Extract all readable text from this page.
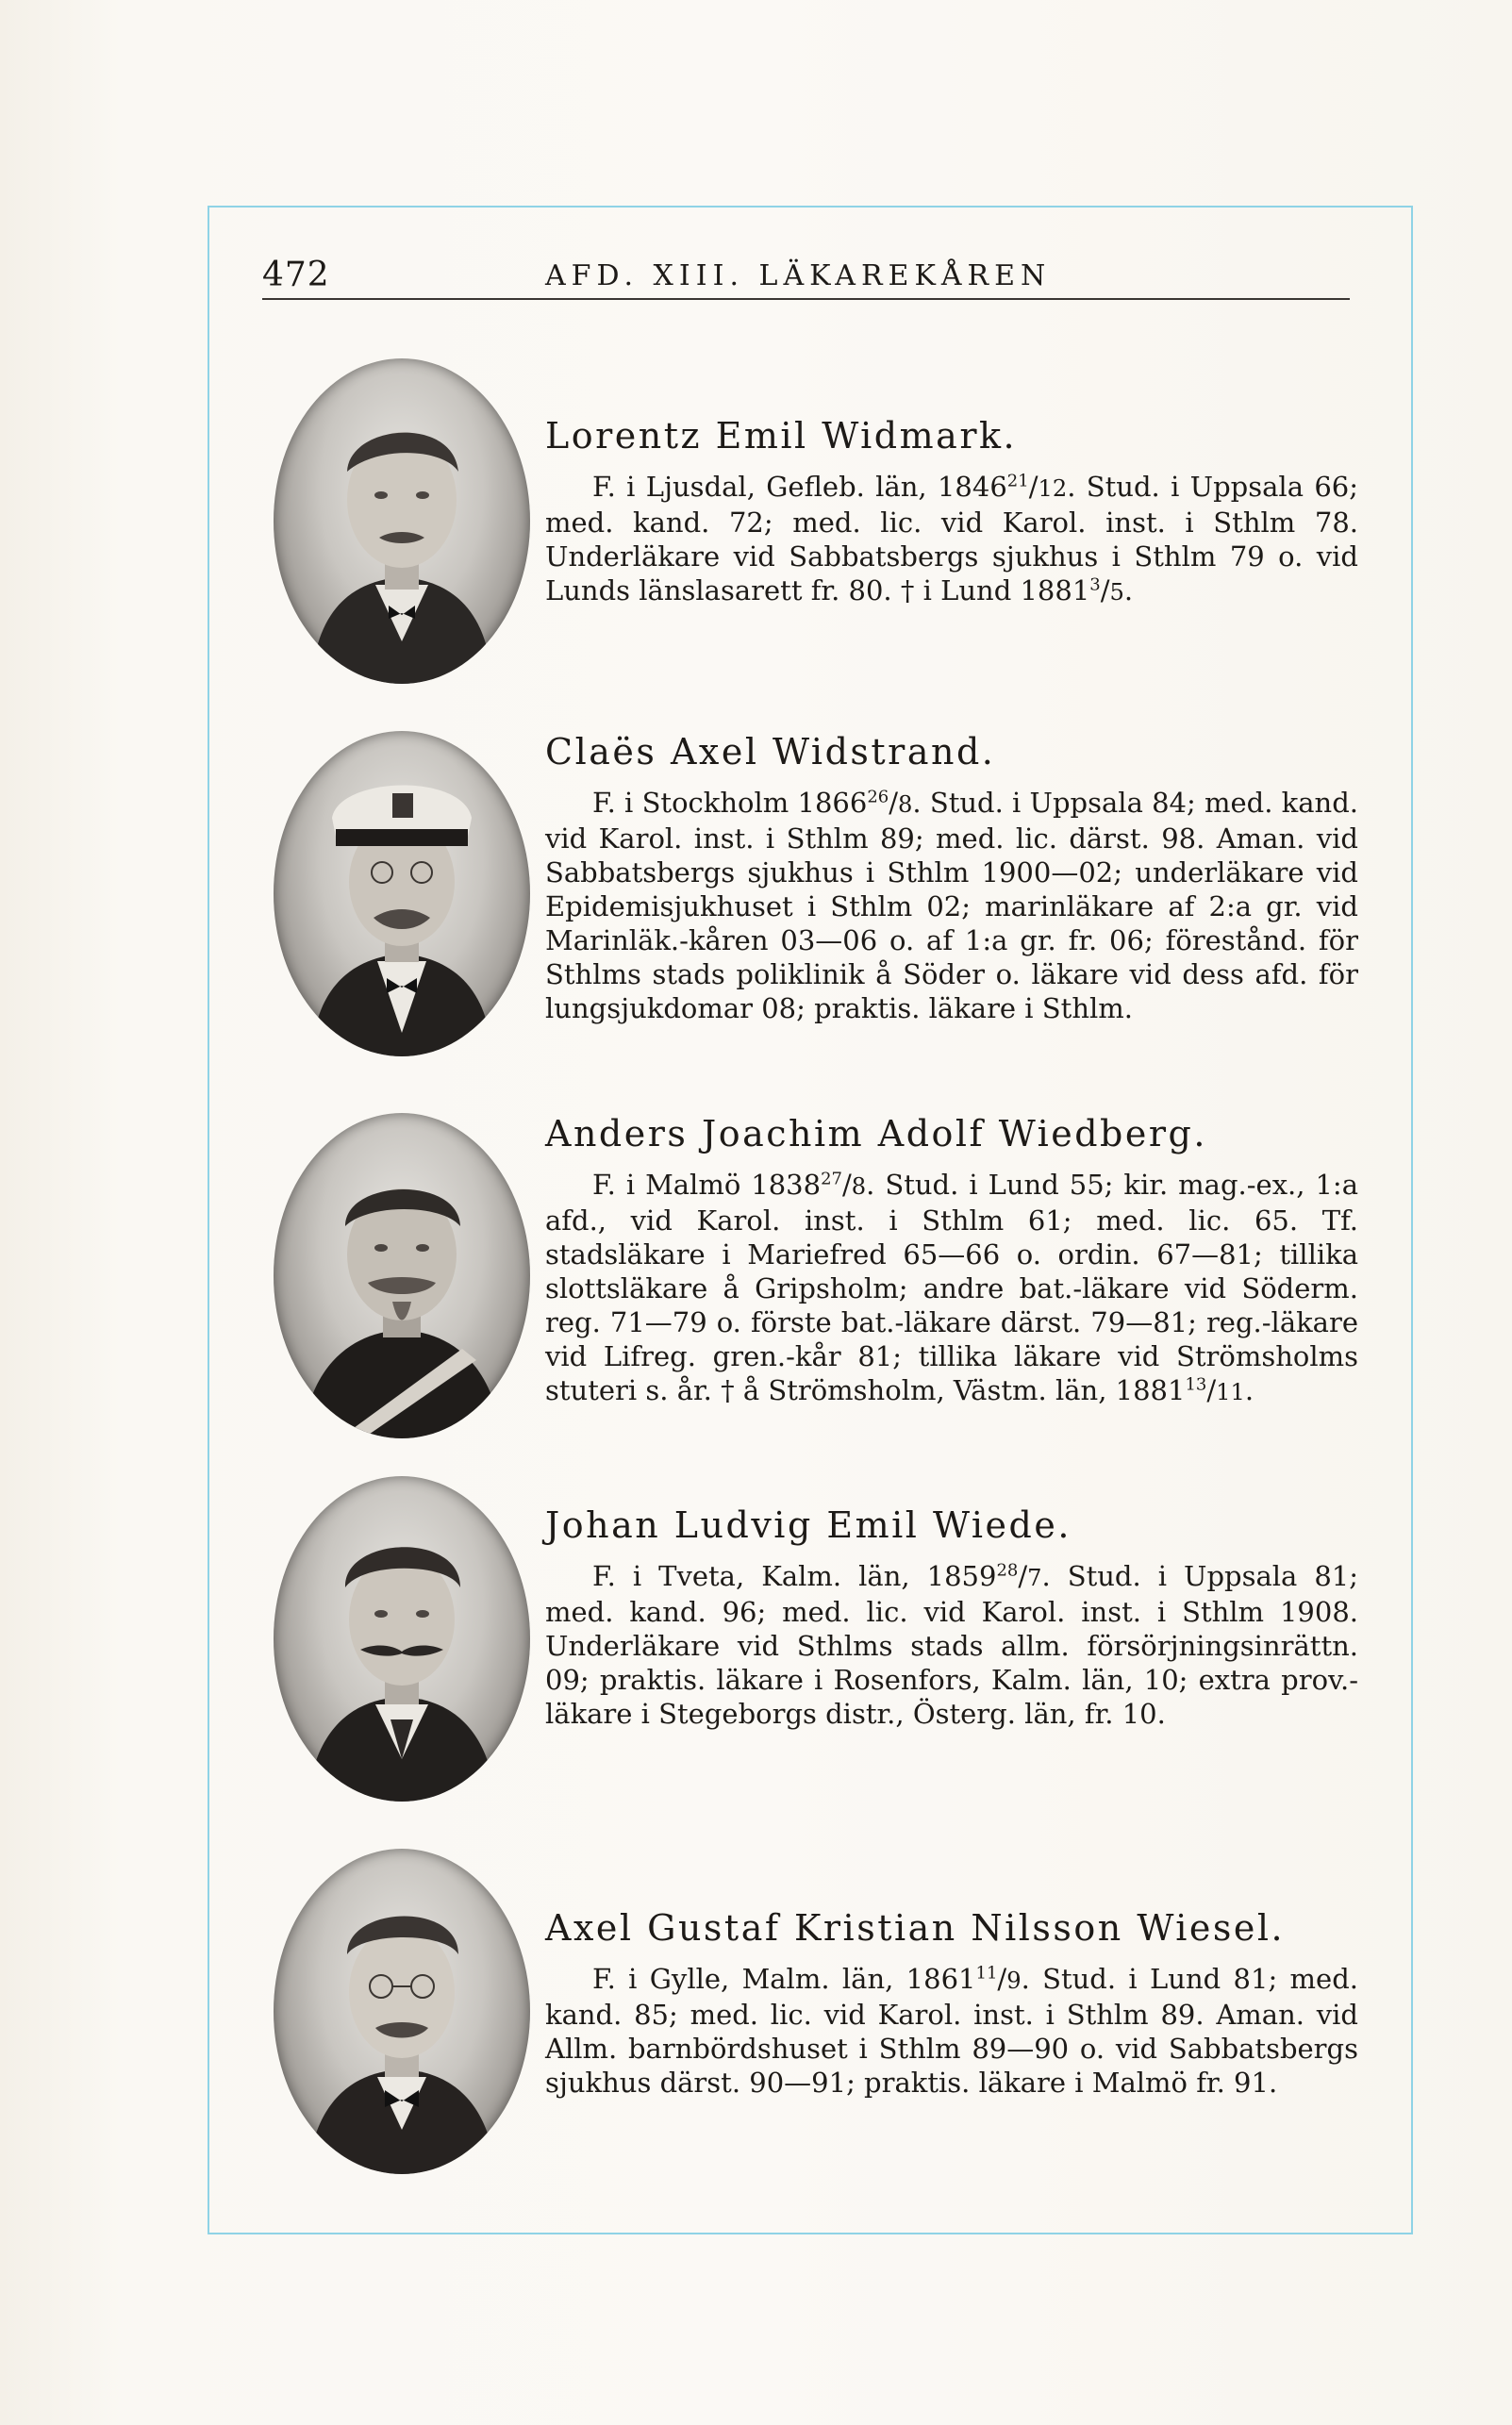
472	AFD. XIII. LÄKAREKÅREN
Lorentz Emil Widmark.

F. i Ljusdal, Gefleb. län, 1846$^{21}$/12. Stud. i Uppsala 66; med. kand. 72; med. lic. vid Karol. inst. i Sthlm 78. Underläkare vid Sabbatsbergs sjukhus i Sthlm 79 o. vid Lunds länslasarett fr. 80. † i Lund 1881$^3$/5.

Claës Axel Widstrand.

F. i Stockholm 1866$^{26}$/8. Stud. i Uppsala 84; med. kand. vid Karol. inst. i Sthlm 89; med. lic. därst. 98. Aman. vid Sabbatsbergs sjukhus i Sthlm 1900—02; underläkare vid Epidemisjukhuset i Sthlm 02; marinläkare af 2:a gr. vid Marinläk.-kåren 03—06 o. af 1:a gr. fr. 06; förestånd. för Sthlms stads poliklinik å Söder o. läkare vid dess afd. för lungsjukdomar 08; praktis. läkare i Sthlm.

Anders Joachim Adolf Wiedberg.

F. i Malmö 1838$^{27}$/8. Stud. i Lund 55; kir. mag.-ex., 1:a afd., vid Karol. inst. i Sthlm 61; med. lic. 65. Tf. stadsläkare i Mariefred 65—66 o. ordin. 67—81; tillika slottsläkare å Gripsholm; andre bat.-läkare vid Söderm. reg. 71—79 o. förste bat.-läkare därst. 79—81; reg.-läkare vid Lifreg. gren.-kår 81; tillika läkare vid Strömsholms stuteri s. år. † å Strömsholm, Västm. län, 1881$^{13}$/11.

Johan Ludvig Emil Wiede.

F. i Tveta, Kalm. län, 1859$^{28}$/7. Stud. i Uppsala 81; med. kand. 96; med. lic. vid Karol. inst. i Sthlm 1908. Underläkare vid Sthlms stads allm. försörjningsinrättn. 09; praktis. läkare i Rosenfors, Kalm. län, 10; extra prov.-läkare i Stegeborgs distr., Österg. län, fr. 10.

Axel Gustaf Kristian Nilsson Wiesel.

F. i Gylle, Malm. län, 1861$^{11}$/9. Stud. i Lund 81; med. kand. 85; med. lic. vid Karol. inst. i Sthlm 89. Aman. vid Allm. barnbördshuset i Sthlm 89—90 o. vid Sabbatsbergs sjukhus därst. 90—91; praktis. läkare i Malmö fr. 91.
